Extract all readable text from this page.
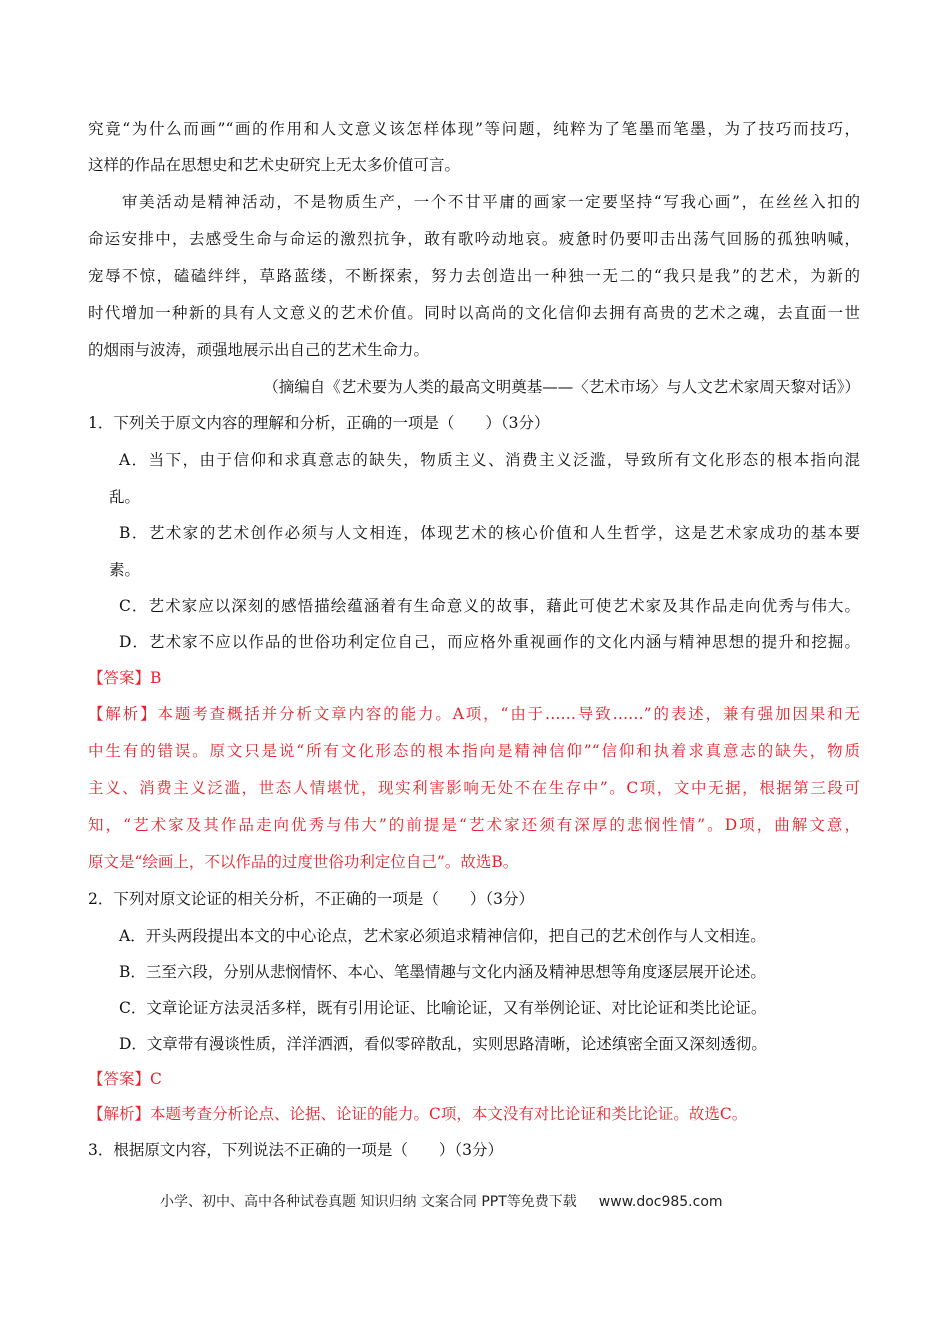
究竟“为什么而画”“画的作用和人文意义该怎样体现”等问题，纯粹为了笔墨而笔墨，为了技巧而技巧，
这样的作品在思想史和艺术史研究上无太多价值可言。
审美活动是精神活动，不是物质生产，一个不甘平庸的画家一定要坚持“写我心画”，在丝丝入扣的
命运安排中，去感受生命与命运的激烈抗争，敢有歌吟动地哀。疲惫时仍要叩击出荡气回肠的孤独呐喊，
宠辱不惊，磕磕绊绊，草路蓝缕，不断探索，努力去创造出一种独一无二的“我只是我”的艺术，为新的
时代增加一种新的具有人文意义的艺术价值。同时以高尚的文化信仰去拥有高贵的艺术之魂，去直面一世
的烟雨与波涛，顽强地展示出自己的艺术生命力。
（摘编自《艺术要为人类的最高文明奠基——〈艺术市场〉与人文艺术家周天黎对话》）
1．下列关于原文内容的理解和分析，正确的一项是（　　）（3分）
A．当下，由于信仰和求真意志的缺失，物质主义、消费主义泛滥，导致所有文化形态的根本指向混
乱。
B．艺术家的艺术创作必须与人文相连，体现艺术的核心价值和人生哲学，这是艺术家成功的基本要
素。
C．艺术家应以深刻的感悟描绘蕴涵着有生命意义的故事，藉此可使艺术家及其作品走向优秀与伟大。
D．艺术家不应以作品的世俗功利定位自己，而应格外重视画作的文化内涵与精神思想的提升和挖掘。
【答案】B
【解析】本题考查概括并分析文章内容的能力。A项，“由于……导致……”的表述，兼有强加因果和无
中生有的错误。原文只是说“所有文化形态的根本指向是精神信仰”“信仰和执着求真意志的缺失，物质
主义、消费主义泛滥，世态人情堪忧，现实利害影响无处不在生存中”。C项，文中无据，根据第三段可
知，“艺术家及其作品走向优秀与伟大”的前提是“艺术家还须有深厚的悲悯性情”。D项，曲解文意，
原文是“绘画上，不以作品的过度世俗功利定位自己”。故选B。
2．下列对原文论证的相关分析，不正确的一项是（　　）（3分）
A．开头两段提出本文的中心论点，艺术家必须追求精神信仰，把自己的艺术创作与人文相连。
B．三至六段，分别从悲悯情怀、本心、笔墨情趣与文化内涵及精神思想等角度逐层展开论述。
C．文章论证方法灵活多样，既有引用论证、比喻论证，又有举例论证、对比论证和类比论证。
D．文章带有漫谈性质，洋洋洒洒，看似零碎散乱，实则思路清晰，论述缜密全面又深刻透彻。
【答案】C
【解析】本题考查分析论点、论据、论证的能力。C项，本文没有对比论证和类比论证。故选C。
3．根据原文内容，下列说法不正确的一项是（　　）（3分）
小学、初中、高中各种试卷真题 知识归纳 文案合同 PPT等免费下载 www.doc985.com
